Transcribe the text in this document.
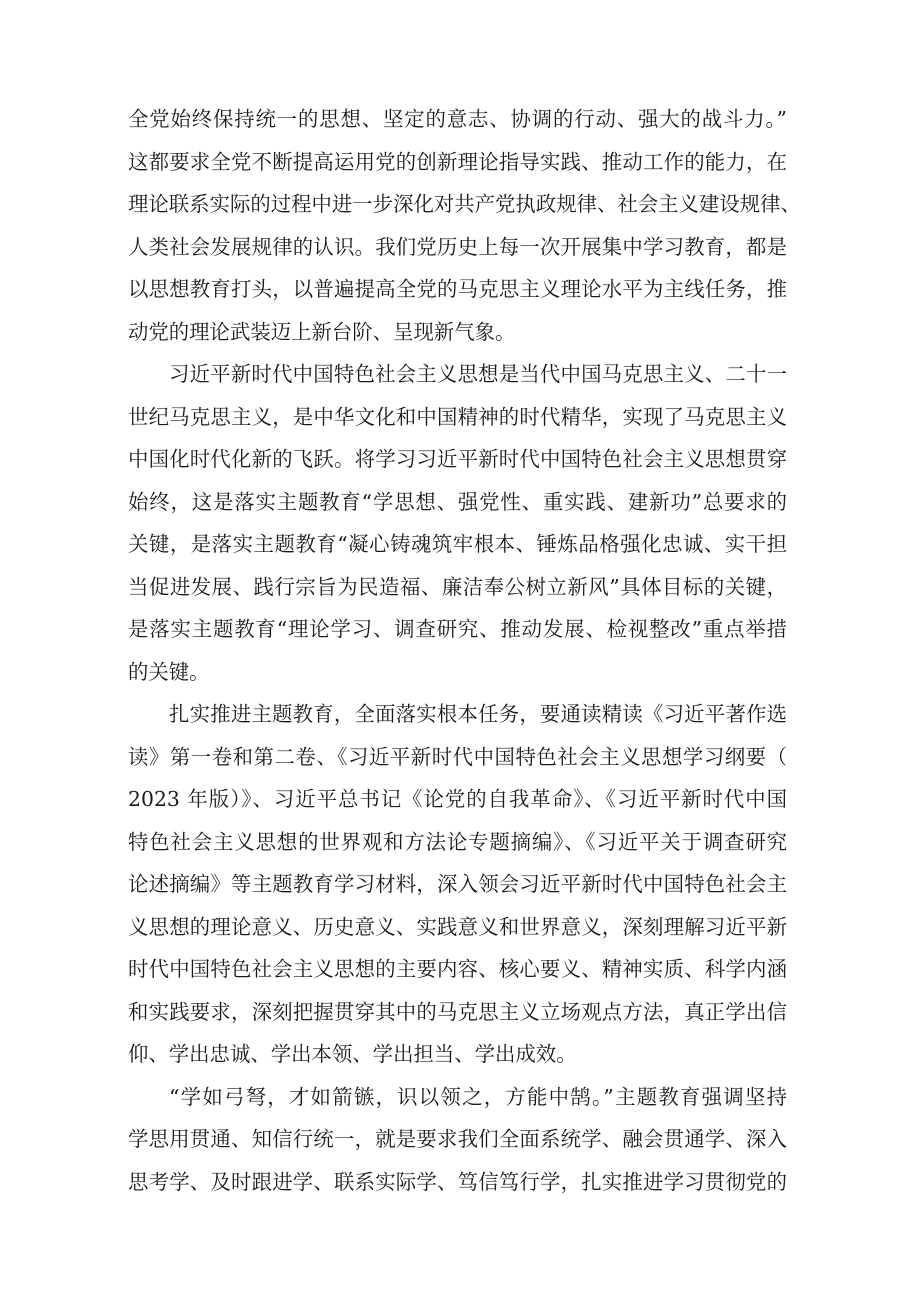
全党始终保持统一的思想、坚定的意志、协调的行动、强大的战斗力。”
这都要求全党不断提高运用党的创新理论指导实践、推动工作的能力，在
理论联系实际的过程中进一步深化对共产党执政规律、社会主义建设规律、
人类社会发展规律的认识。我们党历史上每一次开展集中学习教育，都是
以思想教育打头，以普遍提高全党的马克思主义理论水平为主线任务，推
动党的理论武装迈上新台阶、呈现新气象。
习近平新时代中国特色社会主义思想是当代中国马克思主义、二十一
世纪马克思主义，是中华文化和中国精神的时代精华，实现了马克思主义
中国化时代化新的飞跃。将学习习近平新时代中国特色社会主义思想贯穿
始终，这是落实主题教育“学思想、强党性、重实践、建新功”总要求的
关键，是落实主题教育“凝心铸魂筑牢根本、锤炼品格强化忠诚、实干担
当促进发展、践行宗旨为民造福、廉洁奉公树立新风”具体目标的关键，
是落实主题教育“理论学习、调查研究、推动发展、检视整改”重点举措
的关键。
扎实推进主题教育，全面落实根本任务，要通读精读《习近平著作选
读》第一卷和第二卷、《习近平新时代中国特色社会主义思想学习纲要（
2023 年版）》、习近平总书记《论党的自我革命》、《习近平新时代中国
特色社会主义思想的世界观和方法论专题摘编》、《习近平关于调查研究
论述摘编》等主题教育学习材料，深入领会习近平新时代中国特色社会主
义思想的理论意义、历史意义、实践意义和世界意义，深刻理解习近平新
时代中国特色社会主义思想的主要内容、核心要义、精神实质、科学内涵
和实践要求，深刻把握贯穿其中的马克思主义立场观点方法，真正学出信
仰、学出忠诚、学出本领、学出担当、学出成效。
“学如弓弩，才如箭镞，识以领之，方能中鹄。”主题教育强调坚持
学思用贯通、知信行统一，就是要求我们全面系统学、融会贯通学、深入
思考学、及时跟进学、联系实际学、笃信笃行学，扎实推进学习贯彻党的
